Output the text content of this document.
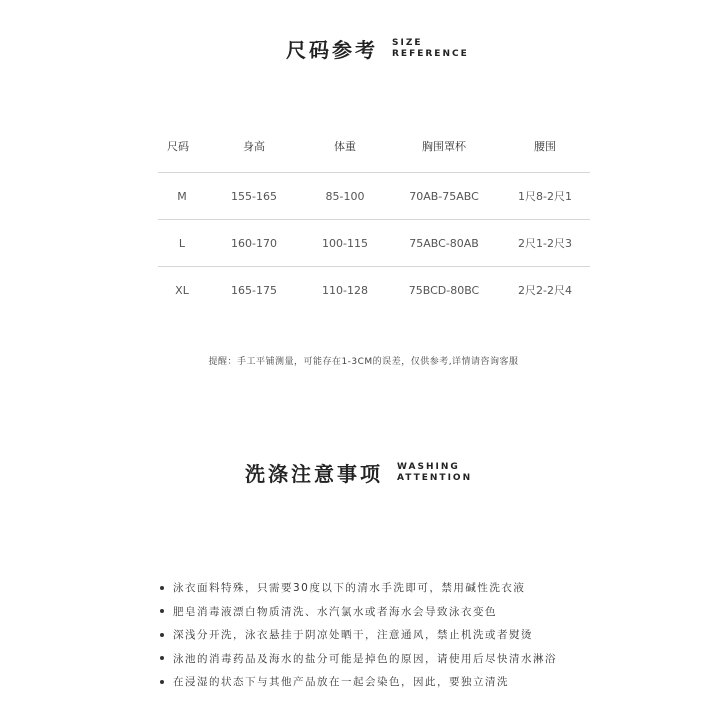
尺码参考 SIZE
REFERENCE
尺码	身高	体重	胸围罩杯	腰围
M	155-165	85-100	70AB-75ABC	1尺8-2尺1
L	160-170	100-115	75ABC-80AB	2尺1-2尺3
XL	165-175	110-128	75BCD-80BC	2尺2-2尺4
提醒：手工平铺测量，可能存在1-3CM的误差，仅供参考,详情请咨询客服
洗涤注意事项 WASHING
ATTENTION
泳衣面料特殊，只需要30度以下的清水手洗即可，禁用碱性洗衣液
肥皂消毒液漂白物质清洗、水汽氯水或者海水会导致泳衣变色
深浅分开洗，泳衣悬挂于阴凉处晒干，注意通风，禁止机洗或者熨烫
泳池的消毒药品及海水的盐分可能是掉色的原因，请使用后尽快清水淋浴
在浸湿的状态下与其他产品放在一起会染色，因此，要独立清洗
